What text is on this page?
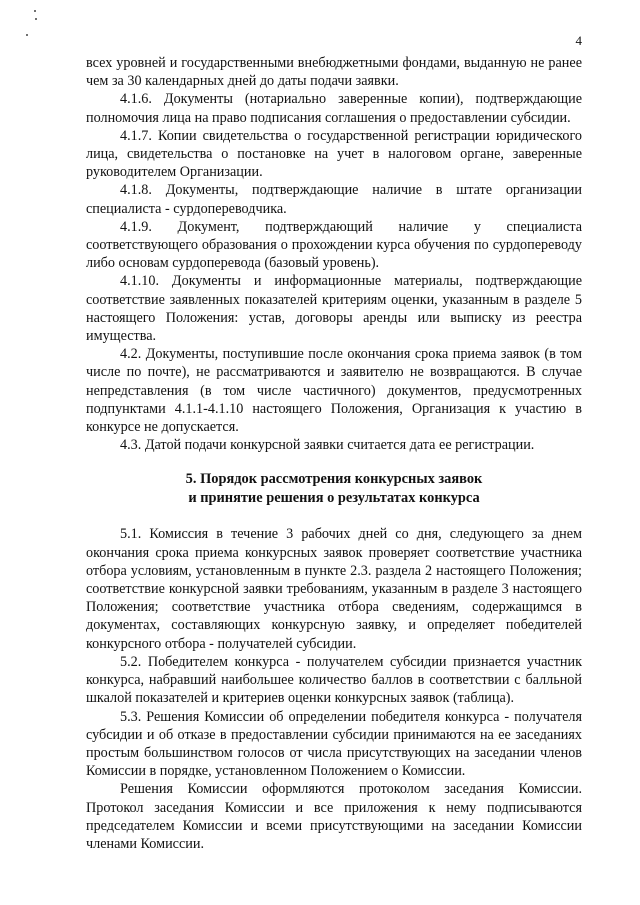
4

всех уровней и государственными внебюджетными фондами, выданную не ранее чем за 30 календарных дней до даты подачи заявки.

4.1.6. Документы (нотариально заверенные копии), подтверждающие полномочия лица на право подписания соглашения о предоставлении субсидии.

4.1.7. Копии свидетельства о государственной регистрации юридического лица, свидетельства о постановке на учет в налоговом органе, заверенные руководителем Организации.

4.1.8. Документы, подтверждающие наличие в штате организации специалиста - сурдопереводчика.

4.1.9. Документ, подтверждающий наличие у специалиста соответствующего образования о прохождении курса обучения по сурдопереводу либо основам сурдоперевода (базовый уровень).

4.1.10. Документы и информационные материалы, подтверждающие соответствие заявленных показателей критериям оценки, указанным в разделе 5 настоящего Положения: устав, договоры аренды или выписку из реестра имущества.

4.2. Документы, поступившие после окончания срока приема заявок (в том числе по почте), не рассматриваются и заявителю не возвращаются. В случае непредставления (в том числе частичного) документов, предусмотренных подпунктами 4.1.1-4.1.10 настоящего Положения, Организация к участию в конкурсе не допускается.

4.3. Датой подачи конкурсной заявки считается дата ее регистрации.

5. Порядок рассмотрения конкурсных заявок
и принятие решения о результатах конкурса

5.1. Комиссия в течение 3 рабочих дней со дня, следующего за днем окончания срока приема конкурсных заявок проверяет соответствие участника отбора условиям, установленным в пункте 2.3. раздела 2 настоящего Положения; соответствие конкурсной заявки требованиям, указанным в разделе 3 настоящего Положения; соответствие участника отбора сведениям, содержащимся в документах, составляющих конкурсную заявку, и определяет победителей конкурсного отбора - получателей субсидии.

5.2. Победителем конкурса - получателем субсидии признается участник конкурса, набравший наибольшее количество баллов в соответствии с балльной шкалой показателей и критериев оценки конкурсных заявок (таблица).

5.3. Решения Комиссии об определении победителя конкурса - получателя субсидии и об отказе в предоставлении субсидии принимаются на ее заседаниях простым большинством голосов от числа присутствующих на заседании членов Комиссии в порядке, установленном Положением о Комиссии.

Решения Комиссии оформляются протоколом заседания Комиссии. Протокол заседания Комиссии и все приложения к нему подписываются председателем Комиссии и всеми присутствующими на заседании Комиссии членами Комиссии.
